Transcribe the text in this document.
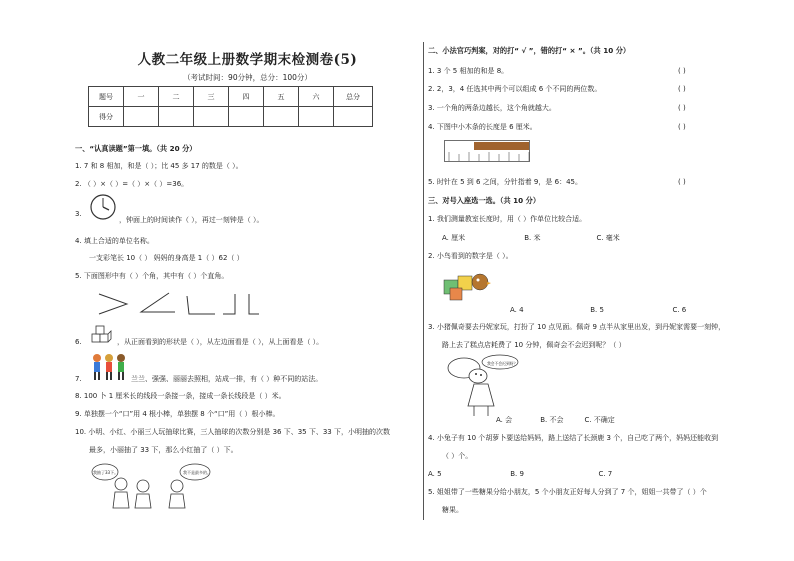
人教二年级上册数学期末检测卷(5)
（考试时间：90分钟，总分：100分）
题号	一	二	三	四	五	六	总分
得分							
一、“认真读题”第一填。（共 20 分）
1. 7 和 8 相加，和是（ ）；比 45 多 17 的数是（ ）。
2. （ ）×（ ）=（ ）×（ ）=36。
3.
，钟面上的时间读作（ ），再过一刻钟是（ ）。
4. 填上合适的单位名称。
一支彩笔长 10（ ） 妈妈的身高是 1（ ）62（ ）
5. 下面图形中有（ ）个角，其中有（ ）个直角。
6.	，从正面看到的形状是（ ），从左边面看是（ ），从上面看是（ ）。
7.	兰兰、强强、丽丽去照相，站成一排，有（ ）种不同的站法。
8. 100 卜 1 厘米长的线段一条接一条，接成一条长线段是（ ）米。
9. 单独摆一个“口”用 4 根小棒，单独摆 8 个“口”用（ ）根小棒。
10. 小明、小红、小丽三人玩抽球比赛，三人抽球的次数分别是 36 下、35 下、33 下，小明抽的次数
最多，小丽抽了 33 下，那么小红抽了（ ）下。
我抽了33下。	我不是最多的。
二、小法官巧判案，对的打“ √ ”，错的打“ × ”。（共 10 分）
1. 3 个 5 相加的和是 8。	( )
2. 2，3，4 任选其中两个可以组成 6 个不同的两位数。	( )
3. 一个角的两条边越长，这个角就越大。	( )
4. 下图中小木条的长度是 6 厘米。	( )
5. 时针在 5 到 6 之间，分针指着 9，是 6：45。	( )
三、对号入座选一选。（共 10 分）
1. 我们测量教室长度时，用（ ）作单位比较合适。
A. 厘米	B. 米	C. 毫米
2. 小鸟看到的数字是（ ）。
A. 4	B. 5	C. 6
3. 小猪佩奇要去丹妮家玩，打扮了 10 点见面。佩奇 9 点半从家里出发，到丹妮家需要一刻钟，
路上去了糕点店耗费了 10 分钟，佩奇会不会迟到呢？（ ）
我会不会迟到呀？
A. 会	B. 不会	C. 不确定
4. 小兔子有 10 个胡萝卜要送给妈妈，路上送结了长颈鹿 3 个，自己吃了两个，妈妈还能收到
（ ）个。
A. 5	B. 9	C. 7
5. 姐姐带了一些糖果分给小朋友，5 个小朋友正好每人分到了 7 个，姐姐一共带了（ ）个
糖果。
